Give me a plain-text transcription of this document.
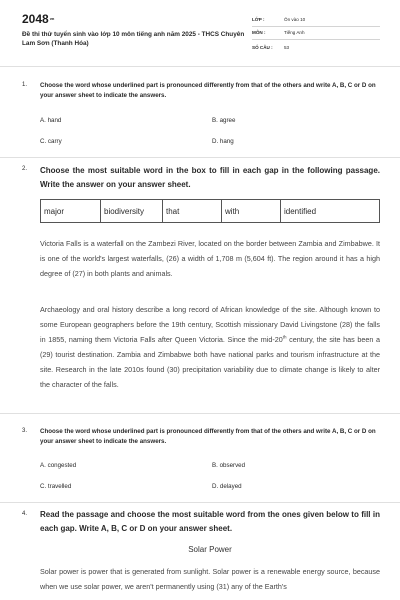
$2048^{vn}$
Đề thi thử tuyển sinh vào lớp 10 môn tiếng anh năm 2025 - THCS Chuyên Lam Sơn (Thanh Hóa)
LỚP :	Ôn vào 10
MÔN :	Tiếng Anh
SỐ CÂU : 53
1. Choose the word whose underlined part is pronounced differently from that of the others and write A, B, C or D on your answer sheet to indicate the answers.
A. hand	B. agree
C. carry	D. hang
2. Choose the most suitable word in the box to fill in each gap in the following passage. Write the answer on your answer sheet.
major	biodiversity	that	with	identified
Victoria Falls is a waterfall on the Zambezi River, located on the border between Zambia and Zimbabwe. It is one of the world's largest waterfalls, (26) a width of 1,708 m (5,604 ft). The region around it has a high degree of (27) in both plants and animals.
Archaeology and oral history describe a long record of African knowledge of the site. Although known to some European geographers before the 19th century, Scottish missionary David Livingstone (28) the falls in 1855, naming them Victoria Falls after Queen Victoria. Since the mid-20th century, the site has been a (29) tourist destination. Zambia and Zimbabwe both have national parks and tourism infrastructure at the site. Research in the late 2010s found (30) precipitation variability due to climate change is likely to alter the character of the falls.
3. Choose the word whose underlined part is pronounced differently from that of the others and write A, B, C or D on your answer sheet to indicate the answers.
A. congested	B. observed
C. travelled	D. delayed
4. Read the passage and choose the most suitable word from the ones given below to fill in each gap. Write A, B, C or D on your answer sheet.
Solar Power
Solar power is power that is generated from sunlight. Solar power is a renewable energy source, because when we use solar power, we aren't permanently using (31) any of the Earth's
